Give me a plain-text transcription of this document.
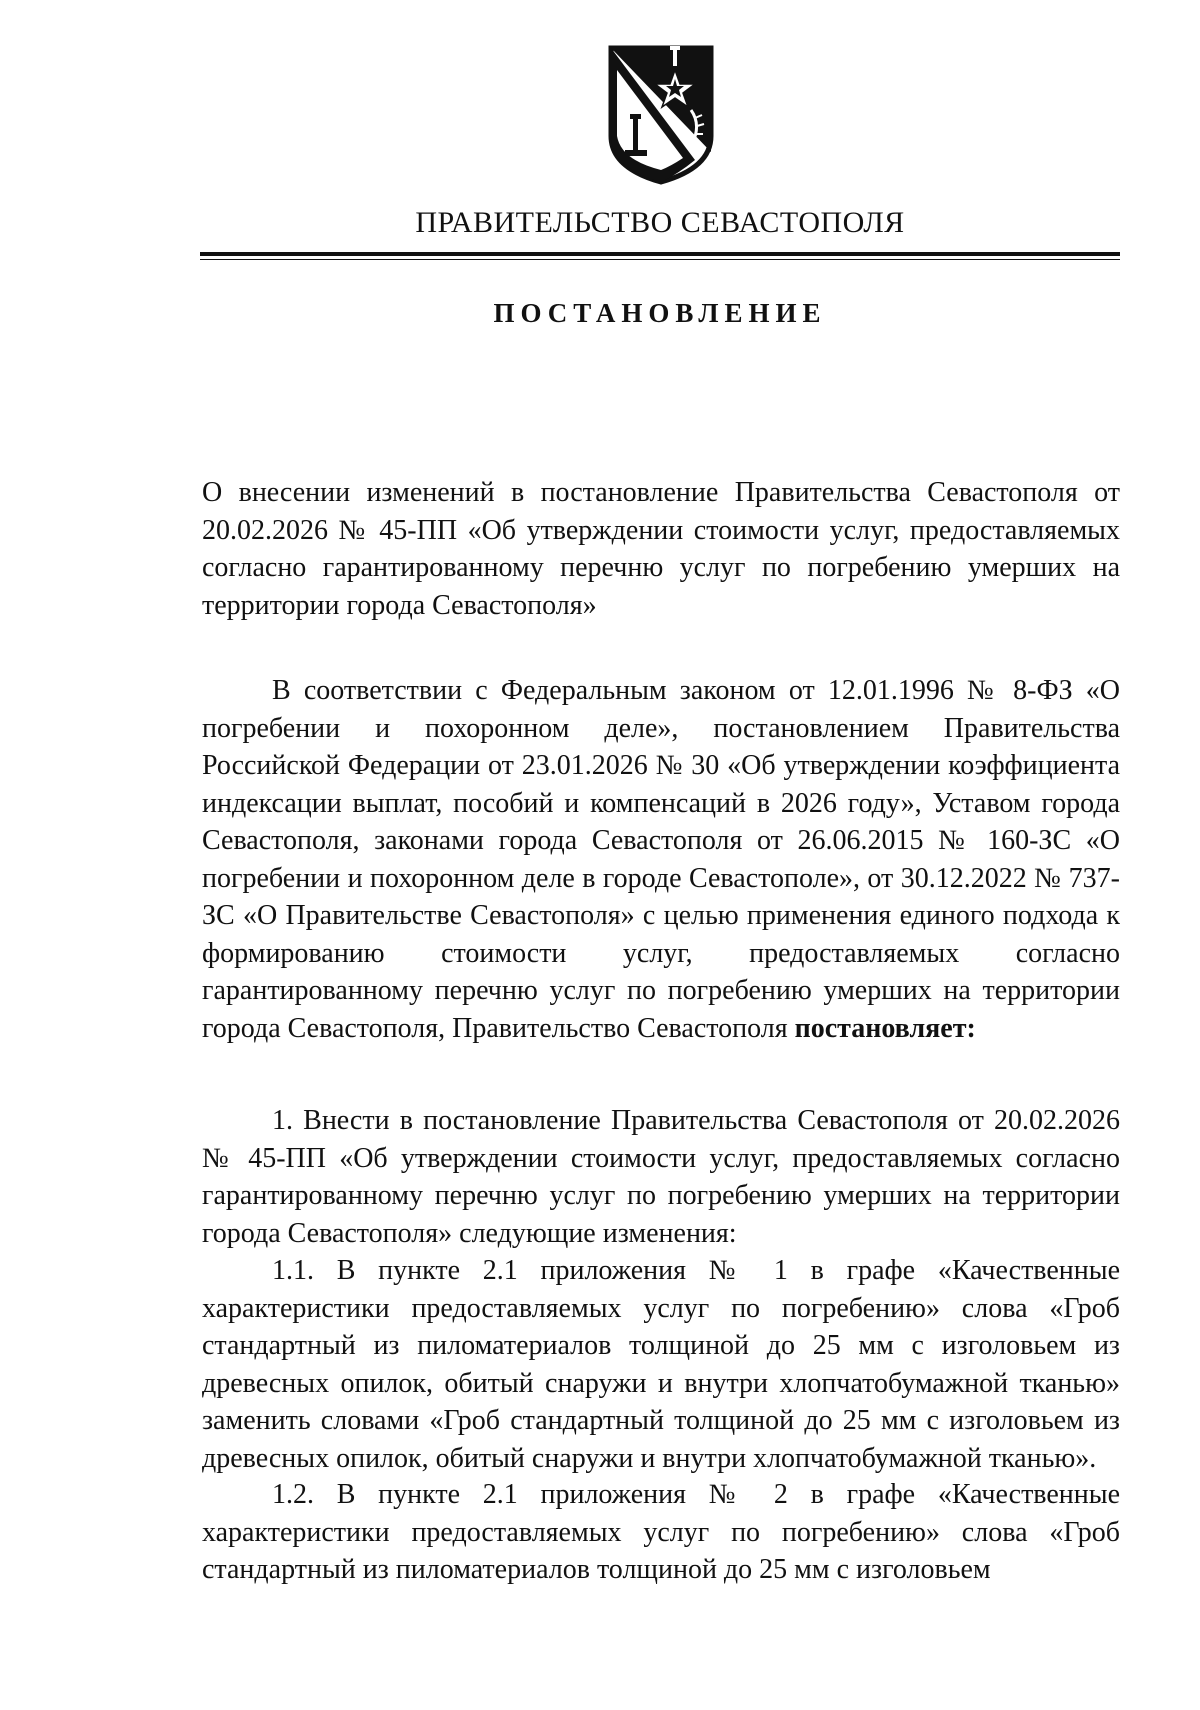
ПРАВИТЕЛЬСТВО СЕВАСТОПОЛЯ
ПОСТАНОВЛЕНИЕ

О внесении изменений в постановление Правительства Севастополя от 20.02.2026 № 45-ПП «Об утверждении стоимости услуг, предоставляемых согласно гарантированному перечню услуг по погребению умерших на территории города Севастополя»

В соответствии с Федеральным законом от 12.01.1996 № 8-ФЗ «О погребении и похоронном деле», постановлением Правительства Российской Федерации от 23.01.2026 № 30 «Об утверждении коэффициента индексации выплат, пособий и компенсаций в 2026 году», Уставом города Севастополя, законами города Севастополя от 26.06.2015 № 160-ЗС «О погребении и похоронном деле в городе Севастополе», от 30.12.2022 № 737-ЗС «О Правительстве Севастополя» с целью применения единого подхода к формированию стоимости услуг, предоставляемых согласно гарантированному перечню услуг по погребению умерших на территории города Севастополя, Правительство Севастополя постановляет:

1. Внести в постановление Правительства Севастополя от 20.02.2026 № 45-ПП «Об утверждении стоимости услуг, предоставляемых согласно гарантированному перечню услуг по погребению умерших на территории города Севастополя» следующие изменения:

1.1. В пункте 2.1 приложения № 1 в графе «Качественные характеристики предоставляемых услуг по погребению» слова «Гроб стандартный из пиломатериалов толщиной до 25 мм с изголовьем из древесных опилок, обитый снаружи и внутри хлопчатобумажной тканью» заменить словами «Гроб стандартный толщиной до 25 мм с изголовьем из древесных опилок, обитый снаружи и внутри хлопчатобумажной тканью».

1.2. В пункте 2.1 приложения № 2 в графе «Качественные характеристики предоставляемых услуг по погребению» слова «Гроб стандартный из пиломатериалов толщиной до 25 мм с изголовьем
